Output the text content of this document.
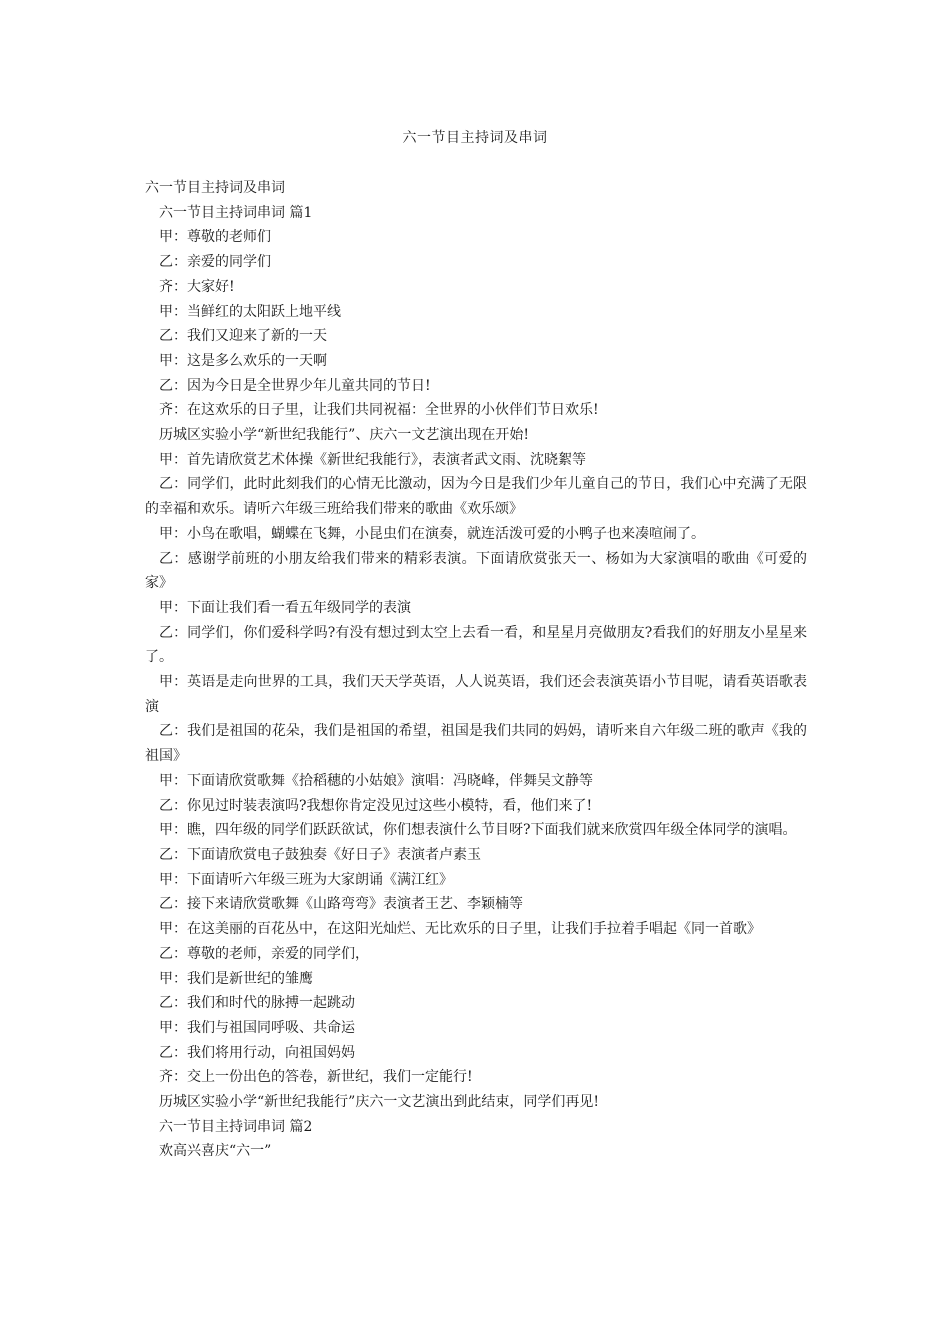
六一节目主持词及串词

六一节目主持词及串词

六一节目主持词串词 篇1

甲：尊敬的老师们

乙：亲爱的同学们

齐：大家好!

甲：当鲜红的太阳跃上地平线

乙：我们又迎来了新的一天

甲：这是多么欢乐的一天啊

乙：因为今日是全世界少年儿童共同的节日!

齐：在这欢乐的日子里，让我们共同祝福：全世界的小伙伴们节日欢乐!

历城区实验小学“新世纪我能行”、庆六一文艺演出现在开始!

甲：首先请欣赏艺术体操《新世纪我能行》，表演者武文雨、沈晓絮等

乙：同学们，此时此刻我们的心情无比激动，因为今日是我们少年儿童自己的节日，我们心中充满了无限的幸福和欢乐。请听六年级三班给我们带来的歌曲《欢乐颂》

甲：小鸟在歌唱，蝴蝶在飞舞，小昆虫们在演奏，就连活泼可爱的小鸭子也来凑喧闹了。

乙：感谢学前班的小朋友给我们带来的精彩表演。下面请欣赏张天一、杨如为大家演唱的歌曲《可爱的家》

甲：下面让我们看一看五年级同学的表演

乙：同学们，你们爱科学吗?有没有想过到太空上去看一看，和星星月亮做朋友?看我们的好朋友小星星来了。

甲：英语是走向世界的工具，我们天天学英语，人人说英语，我们还会表演英语小节目呢，请看英语歌表演

乙：我们是祖国的花朵，我们是祖国的希望，祖国是我们共同的妈妈，请听来自六年级二班的歌声《我的祖国》

甲：下面请欣赏歌舞《拾稻穗的小姑娘》演唱：冯晓峰，伴舞吴文静等

乙：你见过时装表演吗?我想你肯定没见过这些小模特，看，他们来了!

甲：瞧，四年级的同学们跃跃欲试，你们想表演什么节目呀?下面我们就来欣赏四年级全体同学的演唱。

乙：下面请欣赏电子鼓独奏《好日子》表演者卢素玉

甲：下面请听六年级三班为大家朗诵《满江红》

乙：接下来请欣赏歌舞《山路弯弯》表演者王艺、李颖楠等

甲：在这美丽的百花丛中，在这阳光灿烂、无比欢乐的日子里，让我们手拉着手唱起《同一首歌》

乙：尊敬的老师，亲爱的同学们，

甲：我们是新世纪的雏鹰

乙：我们和时代的脉搏一起跳动

甲：我们与祖国同呼吸、共命运

乙：我们将用行动，向祖国妈妈

齐：交上一份出色的答卷，新世纪，我们一定能行!

历城区实验小学“新世纪我能行”庆六一文艺演出到此结束，同学们再见!

六一节目主持词串词 篇2

欢高兴喜庆“六一”
